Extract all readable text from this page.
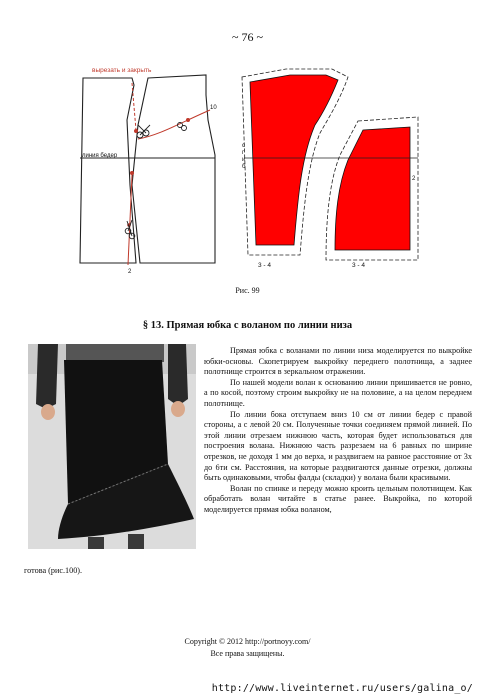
~ 76 ~
вырезать и закрыть
линия бедер
10
2
с г и б
3 - 4	3 - 4
2
Рис. 99
§ 13. Прямая юбка с воланом по линии низа

Прямая юбка с воланами по линии низа моделируется по выкройке юбки-основы. Скопетрируем выкройку переднего полотнища, а заднее полотнище строится в зеркальном отражении.

По нашей модели волан к основанию линии пришивается не ровно, а по косой, поэтому строим выкройку не на половине, а на целом переднем полотнище.

По линии бока отступаем вниз 10 см от линии бедер с правой стороны, а с левой 20 см. Полученные точки соединяем прямой линией. По этой линии отрезаем нижнюю часть, которая будет использоваться для построения волана. Нижнюю часть разрезаем на 6 равных по ширине отрезков, не доходя 1 мм до верха, и раздвигаем на равное расстояние от 3х до 6ти см. Расстояния, на которые раздвигаются данные отрезки, должны быть одинаковыми, чтобы фалды (складки) у волана были красивыми.

Волан по спинке и переду можно кроить цельным полотнищем. Как обработать волан читайте в статье ранее. Выкройка, по которой моделируется прямая юбка воланом,

готова (рис.100).
Copyright © 2012 http://portnoyy.com/
Все права защищены.
http://www.liveinternet.ru/users/galina_o/
